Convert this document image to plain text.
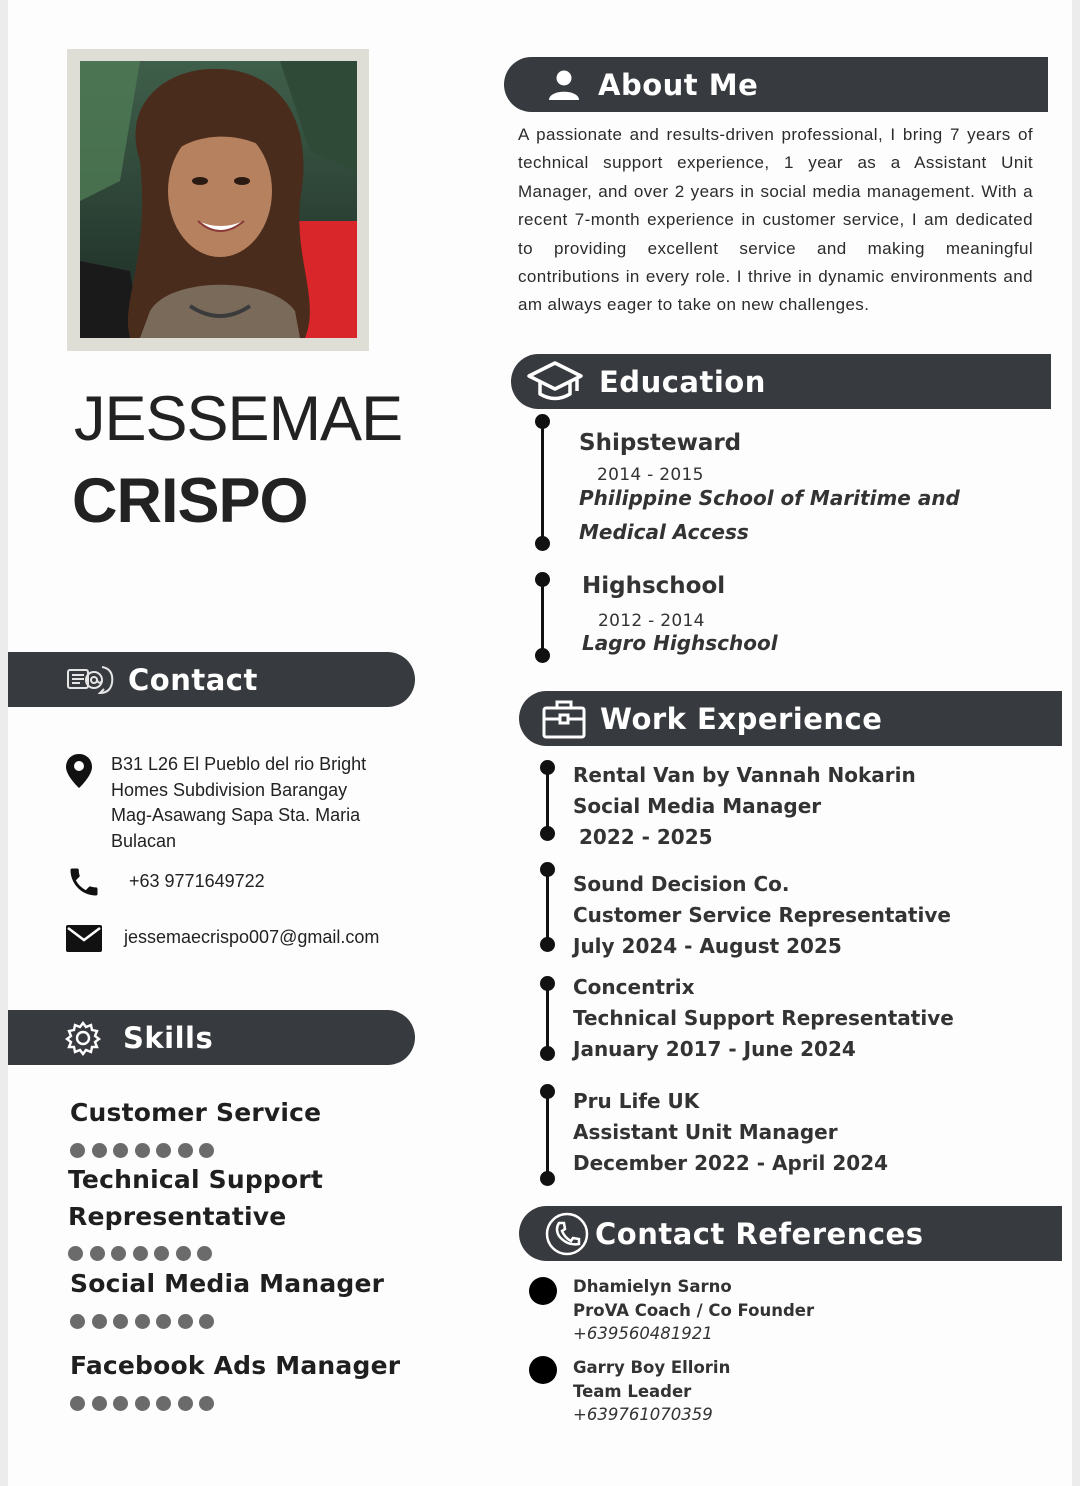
JESSEMAE
CRISPO
Contact
B31 L26 El Pueblo del rio Bright
Homes Subdivision Barangay
Mag-Asawang Sapa Sta. Maria
Bulacan
+63 9771649722
jessemaecrispo007@gmail.com
Skills
Customer Service
Technical Support
Representative
Social Media Manager
Facebook Ads Manager
About Me
A passionate and results-driven professional, I bring 7 years of technical support experience, 1 year as a Assistant Unit Manager, and over 2 years in social media management. With a recent 7-month experience in customer service, I am dedicated to providing excellent service and making meaningful contributions in every role. I thrive in dynamic environments and am always eager to take on new challenges.
Education
Shipsteward
2014 - 2015
Philippine School of Maritime and
Medical Access
Highschool
2012 - 2014
Lagro Highschool
Work Experience
Rental Van by Vannah Nokarin
Social Media Manager
2022 - 2025
Sound Decision Co.
Customer Service Representative
July 2024 - August 2025
Concentrix
Technical Support Representative
January 2017 - June 2024
Pru Life UK
Assistant Unit Manager
December 2022 - April 2024
Contact References
Dhamielyn Sarno
ProVA Coach / Co Founder
+639560481921
Garry Boy Ellorin
Team Leader
+639761070359
